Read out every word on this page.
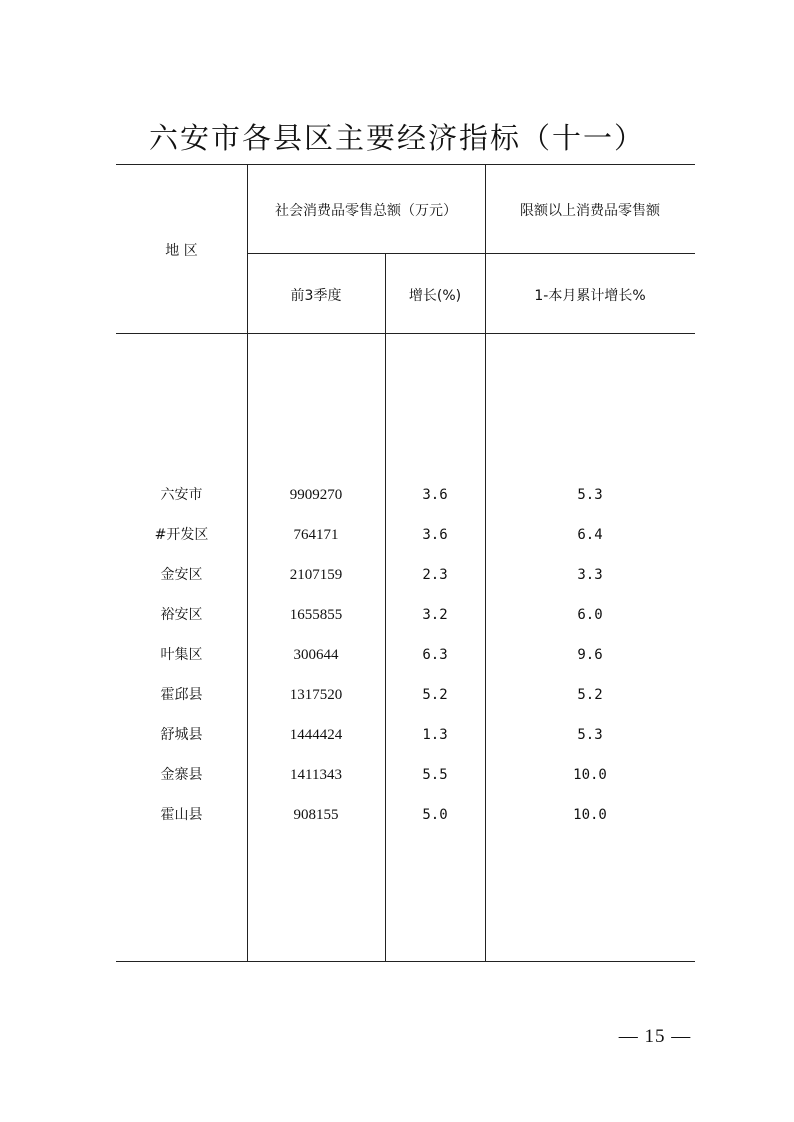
六安市各县区主要经济指标（十一）
地 区
社会消费品零售总额（万元）	限额以上消费品零售额
前3季度	增长(%)	1-本月累计增长%
六安市	9909270	3.6	5.3
#开发区	764171	3.6	6.4
金安区	2107159	2.3	3.3
裕安区	1655855	3.2	6.0
叶集区	300644	6.3	9.6
霍邱县	1317520	5.2	5.2
舒城县	1444424	1.3	5.3
金寨县	1411343	5.5	10.0
霍山县	908155	5.0	10.0
— 15 —
